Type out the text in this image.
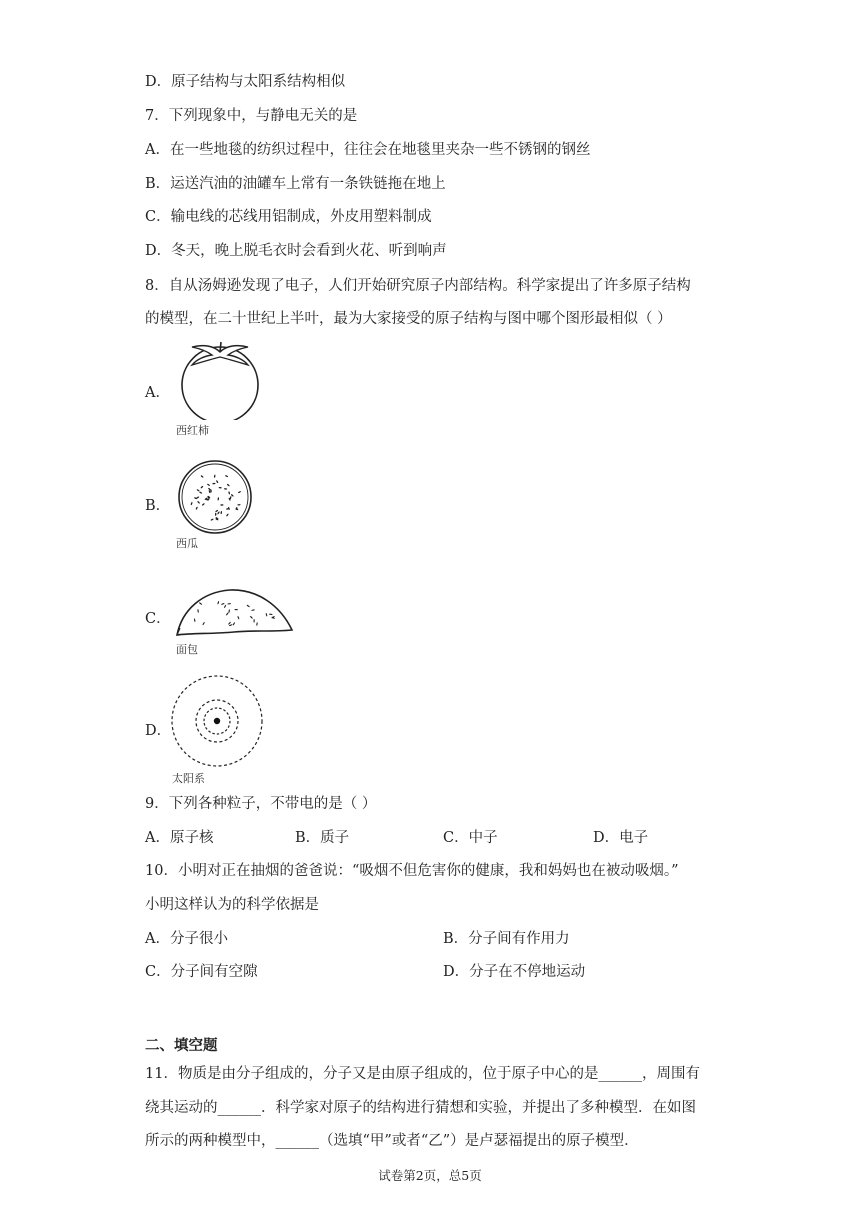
D．原子结构与太阳系结构相似
7．下列现象中，与静电无关的是
A．在一些地毯的纺织过程中，往往会在地毯里夹杂一些不锈钢的钢丝
B．运送汽油的油罐车上常有一条铁链拖在地上
C．输电线的芯线用铝制成，外皮用塑料制成
D．冬天，晚上脱毛衣时会看到火花、听到响声
8．自从汤姆逊发现了电子，人们开始研究原子内部结构。科学家提出了许多原子结构
的模型，在二十世纪上半叶，最为大家接受的原子结构与图中哪个图形最相似（ ）
A．
西红柿
B．
西瓜
C．
面包
D．
太阳系
9．下列各种粒子，不带电的是（ ）
A．原子核	B．质子	C．中子	D．电子
10．小明对正在抽烟的爸爸说：“吸烟不但危害你的健康，我和妈妈也在被动吸烟。”
小明这样认为的科学依据是
A．分子很小	B．分子间有作用力
C．分子间有空隙	D．分子在不停地运动
二、填空题
11．物质是由分子组成的，分子又是由原子组成的，位于原子中心的是______，周围有
绕其运动的______．科学家对原子的结构进行猜想和实验，并提出了多种模型．在如图
所示的两种模型中，______（选填“甲”或者“乙”）是卢瑟福提出的原子模型．
试卷第2页，总5页
